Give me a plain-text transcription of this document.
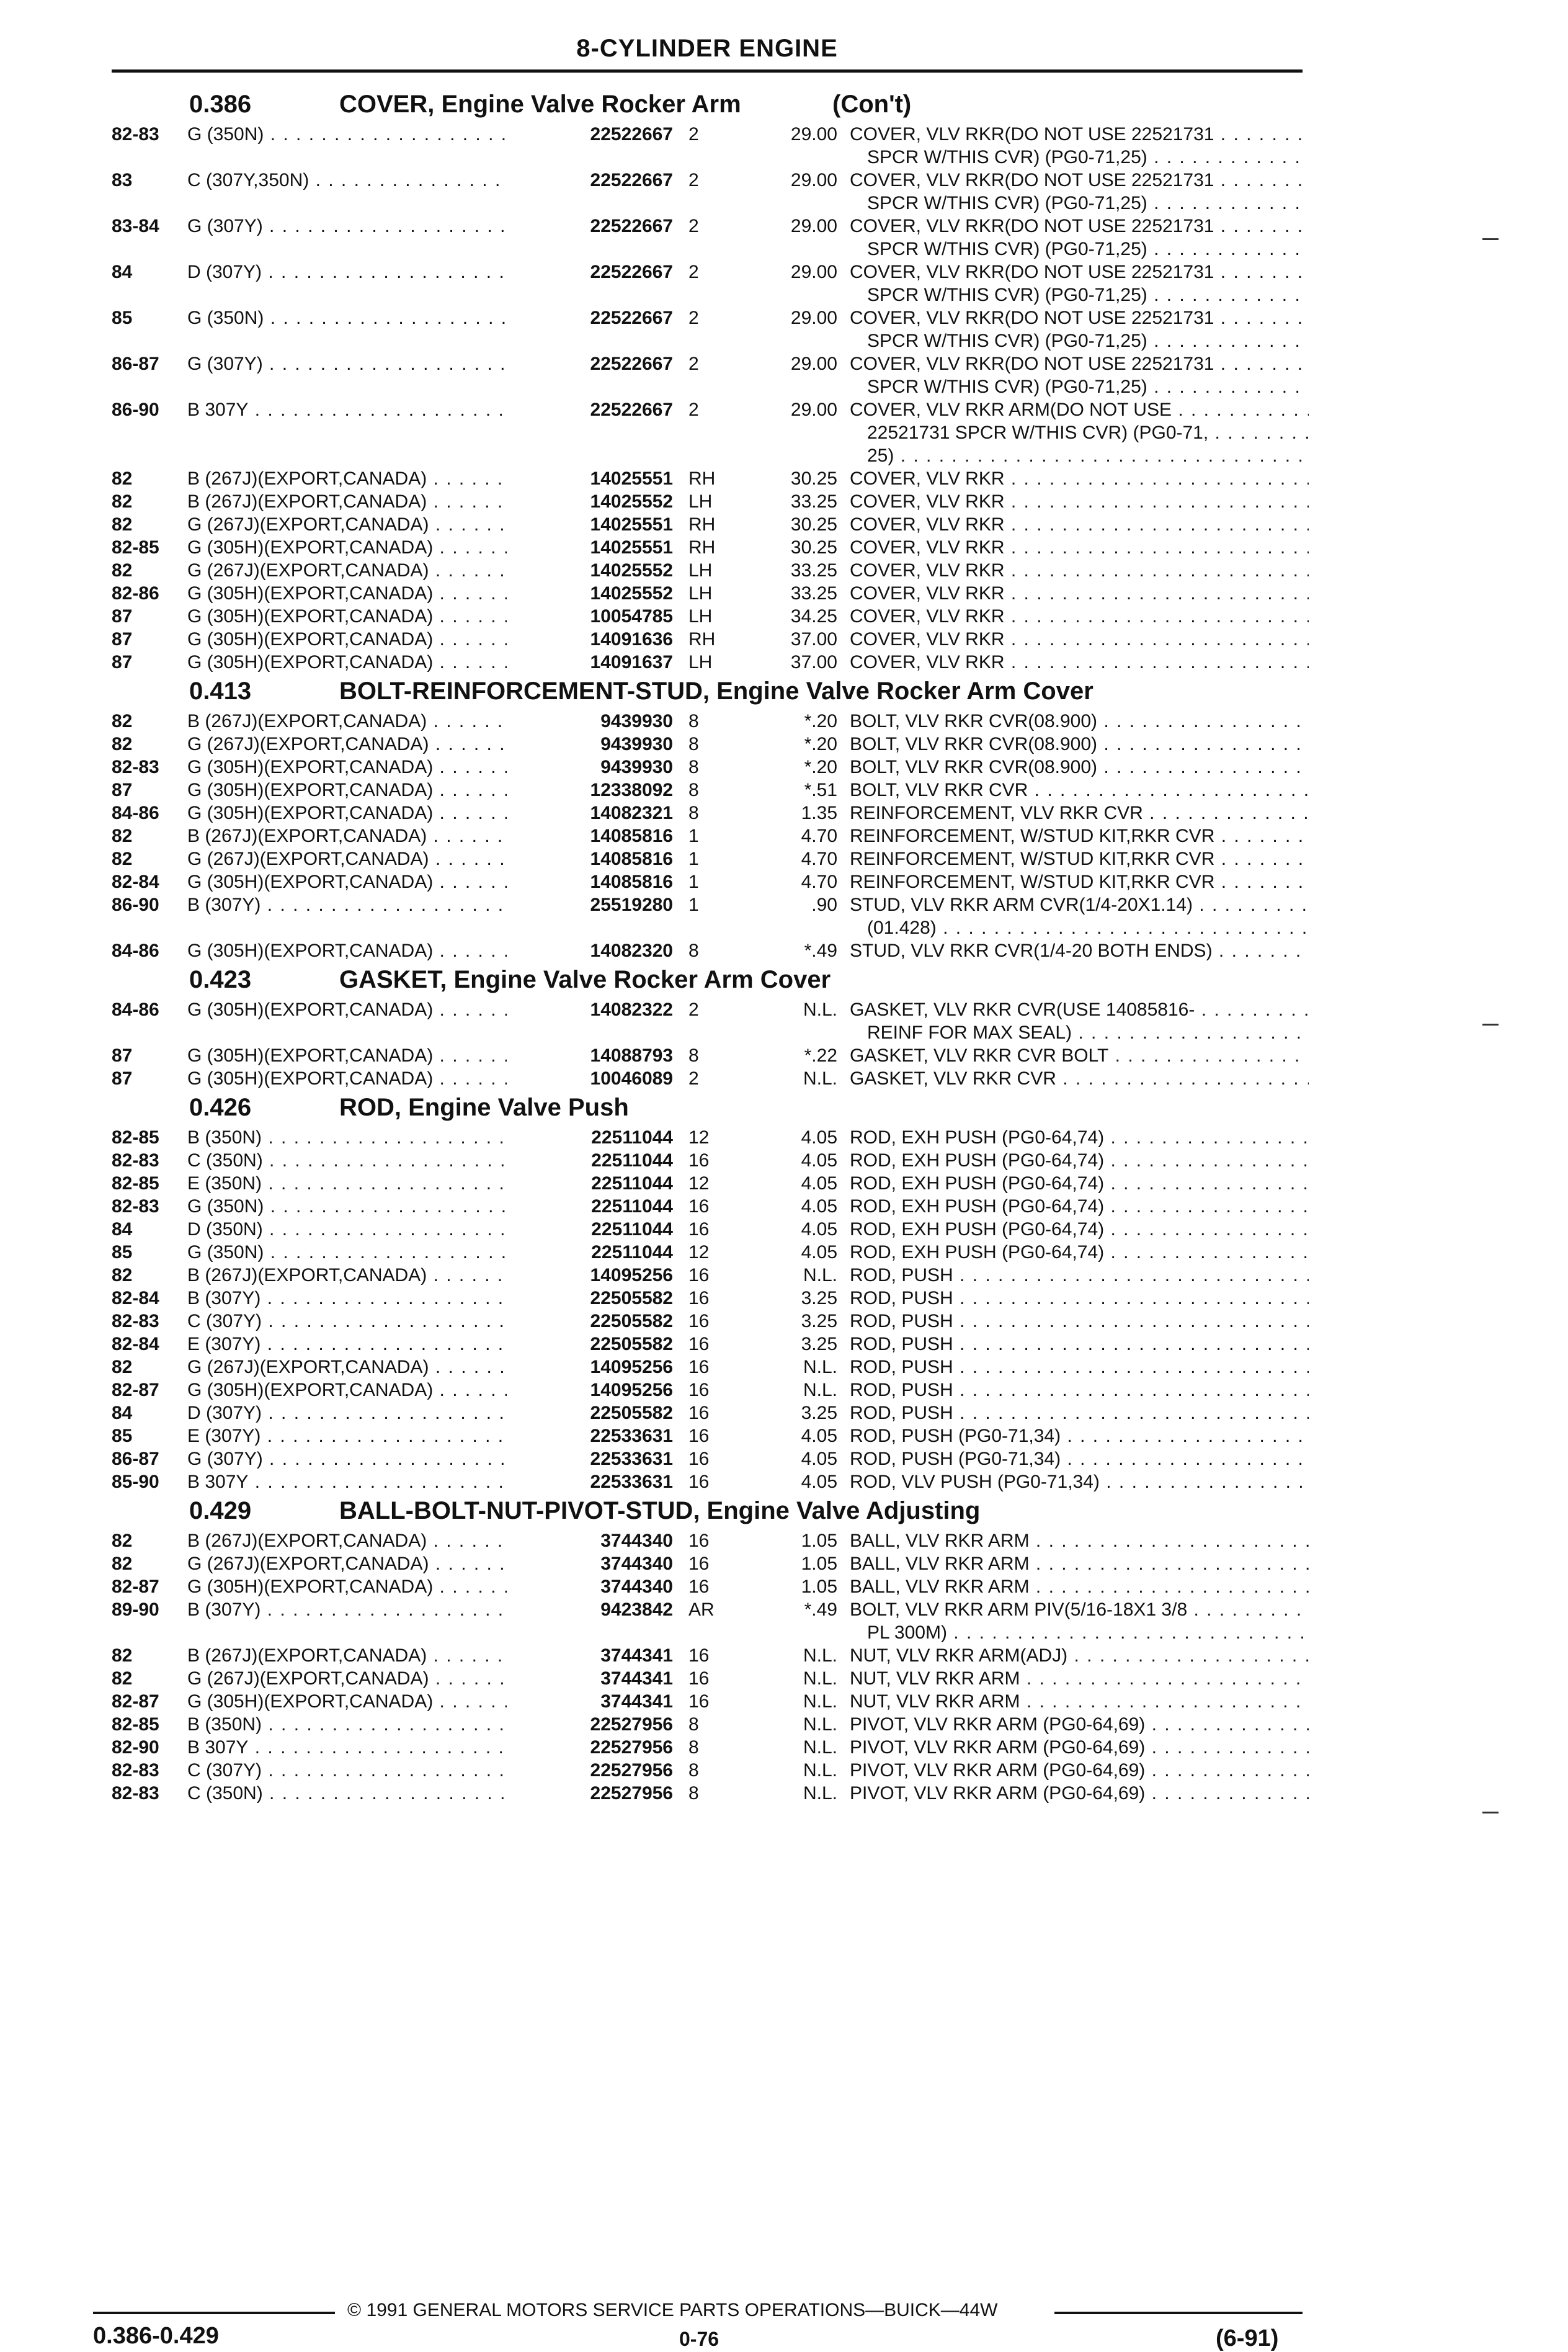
8-CYLINDER ENGINE
0.386	COVER, Engine Valve Rocker Arm	(Con't)
82-83	G (350N) . . .	22522667 2	29.00 COVER, VLV RKR(DO NOT USE 22521731 . . .
SPCR W/THIS CVR) (PG0-71,25) . . .
83	C (307Y,350N) . . .	22522667 2	29.00 COVER, VLV RKR(DO NOT USE 22521731 . . .
SPCR W/THIS CVR) (PG0-71,25) . . .
83-84	G (307Y) . . .	22522667 2	29.00 COVER, VLV RKR(DO NOT USE 22521731 . . .
SPCR W/THIS CVR) (PG0-71,25) . . .
84	D (307Y) . . .	22522667 2	29.00 COVER, VLV RKR(DO NOT USE 22521731 . . .
SPCR W/THIS CVR) (PG0-71,25) . . .
85	G (350N) . . .	22522667 2	29.00 COVER, VLV RKR(DO NOT USE 22521731 . . .
SPCR W/THIS CVR) (PG0-71,25) . . .
86-87	G (307Y) . . .	22522667 2	29.00 COVER, VLV RKR(DO NOT USE 22521731 . . .
SPCR W/THIS CVR) (PG0-71,25) . . .
86-90	B 307Y . . .	22522667 2	29.00 COVER, VLV RKR ARM(DO NOT USE . . .
22521731 SPCR W/THIS CVR) (PG0-71, . . .
25) . . .
82	B (267J)(EXPORT,CANADA) . . .	14025551 RH	30.25 COVER, VLV RKR . . .
82	B (267J)(EXPORT,CANADA) . . .	14025552 LH	33.25 COVER, VLV RKR . . .
82	G (267J)(EXPORT,CANADA) . . .	14025551 RH	30.25 COVER, VLV RKR . . .
82-85	G (305H)(EXPORT,CANADA) . . .	14025551 RH	30.25 COVER, VLV RKR . . .
82	G (267J)(EXPORT,CANADA) . . .	14025552 LH	33.25 COVER, VLV RKR . . .
82-86	G (305H)(EXPORT,CANADA) . . .	14025552 LH	33.25 COVER, VLV RKR . . .
87	G (305H)(EXPORT,CANADA) . . .	10054785 LH	34.25 COVER, VLV RKR . . .
87	G (305H)(EXPORT,CANADA) . . .	14091636 RH	37.00 COVER, VLV RKR . . .
87	G (305H)(EXPORT,CANADA) . . .	14091637 LH	37.00 COVER, VLV RKR . . .
0.413	BOLT-REINFORCEMENT-STUD, Engine Valve Rocker Arm Cover
82	B (267J)(EXPORT,CANADA) . . .	9439930 8	*.20 BOLT, VLV RKR CVR(08.900) . . .
82	G (267J)(EXPORT,CANADA) . . .	9439930 8	*.20 BOLT, VLV RKR CVR(08.900) . . .
82-83	G (305H)(EXPORT,CANADA) . . .	9439930 8	*.20 BOLT, VLV RKR CVR(08.900) . . .
87	G (305H)(EXPORT,CANADA) . . .	12338092 8	*.51 BOLT, VLV RKR CVR . . .
84-86	G (305H)(EXPORT,CANADA) . . .	14082321 8	1.35 REINFORCEMENT, VLV RKR CVR . . .
82	B (267J)(EXPORT,CANADA) . . .	14085816 1	4.70 REINFORCEMENT, W/STUD KIT,RKR CVR . . .
82	G (267J)(EXPORT,CANADA) . . .	14085816 1	4.70 REINFORCEMENT, W/STUD KIT,RKR CVR . . .
82-84	G (305H)(EXPORT,CANADA) . . .	14085816 1	4.70 REINFORCEMENT, W/STUD KIT,RKR CVR . . .
86-90	B (307Y) . . .	25519280 1	.90 STUD, VLV RKR ARM CVR(1/4-20X1.14) . . .
(01.428) . . .
84-86	G (305H)(EXPORT,CANADA) . . .	14082320 8	*.49 STUD, VLV RKR CVR(1/4-20 BOTH ENDS) . . .
0.423	GASKET, Engine Valve Rocker Arm Cover
84-86	G (305H)(EXPORT,CANADA) . . .	14082322 2	N.L. GASKET, VLV RKR CVR(USE 14085816- . . .
REINF FOR MAX SEAL) . . .
87	G (305H)(EXPORT,CANADA) . . .	14088793 8	*.22 GASKET, VLV RKR CVR BOLT . . .
87	G (305H)(EXPORT,CANADA) . . .	10046089 2	N.L. GASKET, VLV RKR CVR . . .
0.426	ROD, Engine Valve Push
82-85	B (350N) . . .	22511044 12	4.05 ROD, EXH PUSH (PG0-64,74) . . .
82-83	C (350N) . . .	22511044 16	4.05 ROD, EXH PUSH (PG0-64,74) . . .
82-85	E (350N) . . .	22511044 12	4.05 ROD, EXH PUSH (PG0-64,74) . . .
82-83	G (350N) . . .	22511044 16	4.05 ROD, EXH PUSH (PG0-64,74) . . .
84	D (350N) . . .	22511044 16	4.05 ROD, EXH PUSH (PG0-64,74) . . .
85	G (350N) . . .	22511044 12	4.05 ROD, EXH PUSH (PG0-64,74) . . .
82	B (267J)(EXPORT,CANADA) . . .	14095256 16	N.L. ROD, PUSH . . .
82-84	B (307Y) . . .	22505582 16	3.25 ROD, PUSH . . .
82-83	C (307Y) . . .	22505582 16	3.25 ROD, PUSH . . .
82-84	E (307Y) . . .	22505582 16	3.25 ROD, PUSH . . .
82	G (267J)(EXPORT,CANADA) . . .	14095256 16	N.L. ROD, PUSH . . .
82-87	G (305H)(EXPORT,CANADA) . . .	14095256 16	N.L. ROD, PUSH . . .
84	D (307Y) . . .	22505582 16	3.25 ROD, PUSH . . .
85	E (307Y) . . .	22533631 16	4.05 ROD, PUSH (PG0-71,34) . . .
86-87	G (307Y) . . .	22533631 16	4.05 ROD, PUSH (PG0-71,34) . . .
85-90	B 307Y . . .	22533631 16	4.05 ROD, VLV PUSH (PG0-71,34) . . .
0.429	BALL-BOLT-NUT-PIVOT-STUD, Engine Valve Adjusting
82	B (267J)(EXPORT,CANADA) . . .	3744340 16	1.05 BALL, VLV RKR ARM . . .
82	G (267J)(EXPORT,CANADA) . . .	3744340 16	1.05 BALL, VLV RKR ARM . . .
82-87	G (305H)(EXPORT,CANADA) . . .	3744340 16	1.05 BALL, VLV RKR ARM . . .
89-90	B (307Y) . . .	9423842 AR	*.49 BOLT, VLV RKR ARM PIV(5/16-18X1 3/8 . . .
PL 300M) . . .
82	B (267J)(EXPORT,CANADA) . . .	3744341 16	N.L. NUT, VLV RKR ARM(ADJ) . . .
82	G (267J)(EXPORT,CANADA) . . .	3744341 16	N.L. NUT, VLV RKR ARM . . .
82-87	G (305H)(EXPORT,CANADA) . . .	3744341 16	N.L. NUT, VLV RKR ARM . . .
82-85	B (350N) . . .	22527956 8	N.L. PIVOT, VLV RKR ARM (PG0-64,69) . . .
82-90	B 307Y . . .	22527956 8	N.L. PIVOT, VLV RKR ARM (PG0-64,69) . . .
82-83	C (307Y) . . .	22527956 8	N.L. PIVOT, VLV RKR ARM (PG0-64,69) . . .
82-83	C (350N) . . .	22527956 8	N.L. PIVOT, VLV RKR ARM (PG0-64,69) . . .
© 1991 GENERAL MOTORS SERVICE PARTS OPERATIONS—BUICK—44W
0.386-0.429	0-76	(6-91)
